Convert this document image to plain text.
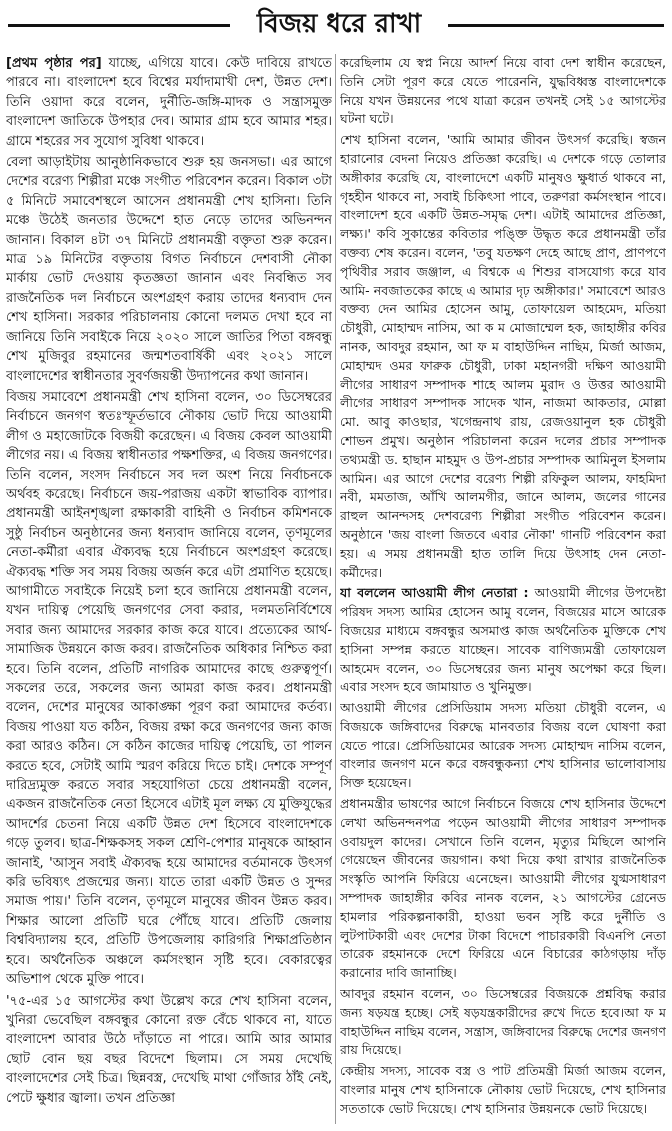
বিজয় ধরে রাখা

[প্রথম পৃষ্ঠার পর] যাচ্ছে, এগিয়ে যাবে। কেউ দাবিয়ে রাখতে পারবে না। বাংলাদেশ হবে বিশ্বের মর্যাদামাখী দেশ, উন্নত দেশ। তিনি ওয়াদা করে বলেন, দুর্নীতি-জঙ্গি-মাদক ও সন্ত্রাসমুক্ত বাংলাদেশ জাতিকে উপহার দেব। আমার গ্রাম হবে আমার শহর। গ্রামে শহরের সব সুযোগ সুবিধা থাকবে।

বেলা আড়াইটায় আনুষ্ঠানিকভাবে শুরু হয় জনসভা। এর আগে দেশের বরেণ্য শিল্পীরা মঞ্চে সংগীত পরিবেশন করেন। বিকাল ৩টা ৫ মিনিটে সমাবেশস্থলে আসেন প্রধানমন্ত্রী শেখ হাসিনা। তিনি মঞ্চে উঠেই জনতার উদ্দেশে হাত নেড়ে তাদের অভিনন্দন জানান। বিকাল ৪টা ৩৭ মিনিটে প্রধানমন্ত্রী বক্তৃতা শুরু করেন। মাত্র ১৯ মিনিটের বক্তৃতায় বিগত নির্বাচনে দেশবাসী নৌকা মার্কায় ভোট দেওয়ায় কৃতজ্ঞতা জানান এবং নিবন্ধিত সব রাজনৈতিক দল নির্বাচনে অংশগ্রহণ করায় তাদের ধন্যবাদ দেন শেখ হাসিনা। সরকার পরিচালনায় কোনো দলমত দেখা হবে না জানিয়ে তিনি সবাইকে নিয়ে ২০২০ সালে জাতির পিতা বঙ্গবন্ধু শেখ মুজিবুর রহমানের জন্মশতবার্ষিকী এবং ২০২১ সালে বাংলাদেশের স্বাধীনতার সুবর্ণজয়ন্তী উদ্যাপনের কথা জানান।

বিজয় সমাবেশে প্রধানমন্ত্রী শেখ হাসিনা বলেন, ৩০ ডিসেম্বরের নির্বাচনে জনগণ স্বতঃস্ফূর্তভাবে নৌকায় ভোট দিয়ে আওয়ামী লীগ ও মহাজোটকে বিজয়ী করেছেন। এ বিজয় কেবল আওয়ামী লীগের নয়। এ বিজয় স্বাধীনতার পক্ষশক্তির, এ বিজয় জনগণের। তিনি বলেন, সংসদ নির্বাচনে সব দল অংশ নিয়ে নির্বাচনকে অর্থবহ করেছে। নির্বাচনে জয়-পরাজয় একটা স্বাভাবিক ব্যাপার। প্রধানমন্ত্রী আইনশৃঙ্খলা রক্ষাকারী বাহিনী ও নির্বাচন কমিশনকে সুষ্ঠু নির্বাচন অনুষ্ঠানের জন্য ধন্যবাদ জানিয়ে বলেন, তৃণমূলের নেতা-কর্মীরা এবার ঐক্যবদ্ধ হয়ে নির্বাচনে অংশগ্রহণ করেছে। ঐক্যবদ্ধ শক্তি সব সময় বিজয় অর্জন করে এটা প্রমাণিত হয়েছে। আগামীতে সবাইকে নিয়েই চলা হবে জানিয়ে প্রধানমন্ত্রী বলেন, যখন দায়িত্ব পেয়েছি জনগণের সেবা করার, দলমতনির্বিশেষে সবার জন্য আমাদের সরকার কাজ করে যাবে। প্রত্যেকের আর্থ-সামাজিক উন্নয়নে কাজ করব। রাজনৈতিক অধিকার নিশ্চিত করা হবে। তিনি বলেন, প্রতিটি নাগরিক আমাদের কাছে গুরুত্বপূর্ণ। সকলের তরে, সকলের জন্য আমরা কাজ করব। প্রধানমন্ত্রী বলেন, দেশের মানুষের আকাঙ্ক্ষা পূরণ করা আমাদের কর্তব্য। বিজয় পাওয়া যত কঠিন, বিজয় রক্ষা করে জনগণের জন্য কাজ করা আরও কঠিন। সে কঠিন কাজের দায়িত্ব পেয়েছি, তা পালন করতে হবে, সেটাই আমি স্মরণ করিয়ে দিতে চাই। দেশকে সম্পূর্ণ দারিদ্র্যমুক্ত করতে সবার সহযোগিতা চেয়ে প্রধানমন্ত্রী বলেন, একজন রাজনৈতিক নেতা হিসেবে এটাই মূল লক্ষ্য যে মুক্তিযুদ্ধের আদর্শের চেতনা নিয়ে একটি উন্নত দেশ হিসেবে বাংলাদেশকে গড়ে তুলব। ছাত্র-শিক্ষকসহ সকল শ্রেণি-পেশার মানুষকে আহ্বান জানাই, 'আসুন সবাই ঐক্যবদ্ধ হয়ে আমাদের বর্তমানকে উৎসর্গ করি ভবিষ্যৎ প্রজন্মের জন্য। যাতে তারা একটি উন্নত ও সুন্দর সমাজ পায়।' তিনি বলেন, তৃণমূলে মানুষের জীবন উন্নত করব। শিক্ষার আলো প্রতিটি ঘরে পৌঁছে যাবে। প্রতিটি জেলায় বিশ্ববিদ্যালয় হবে, প্রতিটি উপজেলায় কারিগরি শিক্ষাপ্রতিষ্ঠান হবে। অর্থনৈতিক অঞ্চলে কর্মসংস্থান সৃষ্টি হবে। বেকারত্বের অভিশাপ থেকে মুক্তি পাবে।

'৭৫-এর ১৫ আগস্টের কথা উল্লেখ করে শেখ হাসিনা বলেন, খুনিরা ভেবেছিল বঙ্গবন্ধুর কোনো রক্ত বেঁচে থাকবে না, যাতে বাংলাদেশ আবার উঠে দাঁড়াতে না পারে। আমি আর আমার ছোট বোন ছয় বছর বিদেশে ছিলাম। সে সময় দেখেছি বাংলাদেশের সেই চিত্র। ছিন্নবস্ত্র, দেখেছি মাথা গোঁজার ঠাঁই নেই, পেটে ক্ষুধার জ্বালা। তখন প্রতিজ্ঞা

করেছিলাম যে স্বপ্ন নিয়ে আদর্শ নিয়ে বাবা দেশ স্বাধীন করেছেন, তিনি সেটা পূরণ করে যেতে পারেননি, যুদ্ধবিধ্বস্ত বাংলাদেশকে নিয়ে যখন উন্নয়নের পথে যাত্রা করেন তখনই সেই ১৫ আগস্টের ঘটনা ঘটে।

শেখ হাসিনা বলেন, 'আমি আমার জীবন উৎসর্গ করেছি। স্বজন হারানোর বেদনা নিয়েও প্রতিজ্ঞা করেছি। এ দেশকে গড়ে তোলার অঙ্গীকার করেছি যে, বাংলাদেশে একটি মানুষও ক্ষুধার্ত থাকবে না, গৃহহীন থাকবে না, সবাই চিকিৎসা পাবে, তরুণরা কর্মসংস্থান পাবে। বাংলাদেশ হবে একটি উন্নত-সমৃদ্ধ দেশ। এটাই আমাদের প্রতিজ্ঞা, লক্ষ্য।' কবি সুকান্তের কবিতার পঙ্ক্তি উদ্ধৃত করে প্রধানমন্ত্রী তাঁর বক্তব্য শেষ করেন। বলেন, 'তবু যতক্ষণ দেহে আছে প্রাণ, প্রাণপণে পৃথিবীর সরাব জঞ্জাল, এ বিশ্বকে এ শিশুর বাসযোগ্য করে যাব আমি- নবজাতকের কাছে এ আমার দৃঢ় অঙ্গীকার।' সমাবেশে আরও বক্তব্য দেন আমির হোসেন আমু, তোফায়েল আহমেদ, মতিয়া চৌধুরী, মোহাম্মদ নাসিম, আ ক ম মোজাম্মেল হক, জাহাঙ্গীর কবির নানক, আবদুর রহমান, আ ফ ম বাহাউদ্দিন নাছিম, মির্জা আজম, মোহাম্মদ ওমর ফারুক চৌধুরী, ঢাকা মহানগরী দক্ষিণ আওয়ামী লীগের সাধারণ সম্পাদক শাহে আলম মুরাদ ও উত্তর আওয়ামী লীগের সাধারণ সম্পাদক সাদেক খান, নাজমা আকতার, মোল্লা মো. আবু কাওছার, খগেন্দ্রনাথ রায়, রেজওয়ানুল হক চৌধুরী শোভন প্রমুখ। অনুষ্ঠান পরিচালনা করেন দলের প্রচার সম্পাদক তথ্যমন্ত্রী ড. হাছান মাহমুদ ও উপ-প্রচার সম্পাদক আমিনুল ইসলাম আমিন। এর আগে দেশের বরেণ্য শিল্পী রফিকুল আলম, ফাহমিদা নবী, মমতাজ, আঁখি আলমগীর, জানে আলম, জলের গানের রাহুল আনন্দসহ দেশবরেণ্য শিল্পীরা সংগীত পরিবেশন করেন। অনুষ্ঠানে 'জয় বাংলা জিতবে এবার নৌকা' গানটি পরিবেশন করা হয়। এ সময় প্রধানমন্ত্রী হাত তালি দিয়ে উৎসাহ দেন নেতা-কর্মীদের।

যা বললেন আওয়ামী লীগ নেতারা : আওয়ামী লীগের উপদেষ্টা পরিষদ সদস্য আমির হোসেন আমু বলেন, বিজয়ের মাসে আরেক বিজয়ের মাধ্যমে বঙ্গবন্ধুর অসমাপ্ত কাজ অর্থনৈতিক মুক্তিকে শেখ হাসিনা সম্পন্ন করতে যাচ্ছেন। সাবেক বাণিজ্যমন্ত্রী তোফায়েল আহমেদ বলেন, ৩০ ডিসেম্বরের জন্য মানুষ অপেক্ষা করে ছিল। এবার সংসদ হবে জামায়াত ও খুনিমুক্ত।

আওয়ামী লীগের প্রেসিডিয়াম সদস্য মতিয়া চৌধুরী বলেন, এ বিজয়কে জঙ্গিবাদের বিরুদ্ধে মানবতার বিজয় বলে ঘোষণা করা যেতে পারে। প্রেসিডিয়ামের আরেক সদস্য মোহাম্মদ নাসিম বলেন, বাংলার জনগণ মনে করে বঙ্গবন্ধুকন্যা শেখ হাসিনার ভালোবাসায় সিক্ত হয়েছেন।

প্রধানমন্ত্রীর ভাষণের আগে নির্বাচনে বিজয়ে শেখ হাসিনার উদ্দেশে লেখা অভিনন্দনপত্র পড়েন আওয়ামী লীগের সাধারণ সম্পাদক ওবায়দুল কাদের। সেখানে তিনি বলেন, মৃত্যুর মিছিলে আপনি গেয়েছেন জীবনের জয়গান। কথা দিয়ে কথা রাখার রাজনৈতিক সংস্কৃতি আপনি ফিরিয়ে এনেছেন। আওয়ামী লীগের যুগ্মসাধারণ সম্পাদক জাহাঙ্গীর কবির নানক বলেন, ২১ আগস্টের গ্রেনেড হামলার পরিকল্পনাকারী, হাওয়া ভবন সৃষ্টি করে দুর্নীতি ও লুটপাটকারী এবং দেশের টাকা বিদেশে পাচারকারী বিএনপি নেতা তারেক রহমানকে দেশে ফিরিয়ে এনে বিচারের কাঠগড়ায় দাঁড় করানোর দাবি জানাচ্ছি।

আবদুর রহমান বলেন, ৩০ ডিসেম্বরের বিজয়কে প্রশ্নবিদ্ধ করার জন্য ষড়যন্ত্র হচ্ছে। সেই ষড়যন্ত্রকারীদের রুখে দিতে হবে।আ ফ ম বাহাউদ্দিন নাছিম বলেন, সন্ত্রাস, জঙ্গিবাদের বিরুদ্ধে দেশের জনগণ রায় দিয়েছে।

কেন্দ্রীয় সদস্য, সাবেক বস্ত্র ও পাট প্রতিমন্ত্রী মির্জা আজম বলেন, বাংলার মানুষ শেখ হাসিনাকে নৌকায় ভোট দিয়েছে, শেখ হাসিনার সততাকে ভোট দিয়েছে। শেখ হাসিনার উন্নয়নকে ভোট দিয়েছে।
